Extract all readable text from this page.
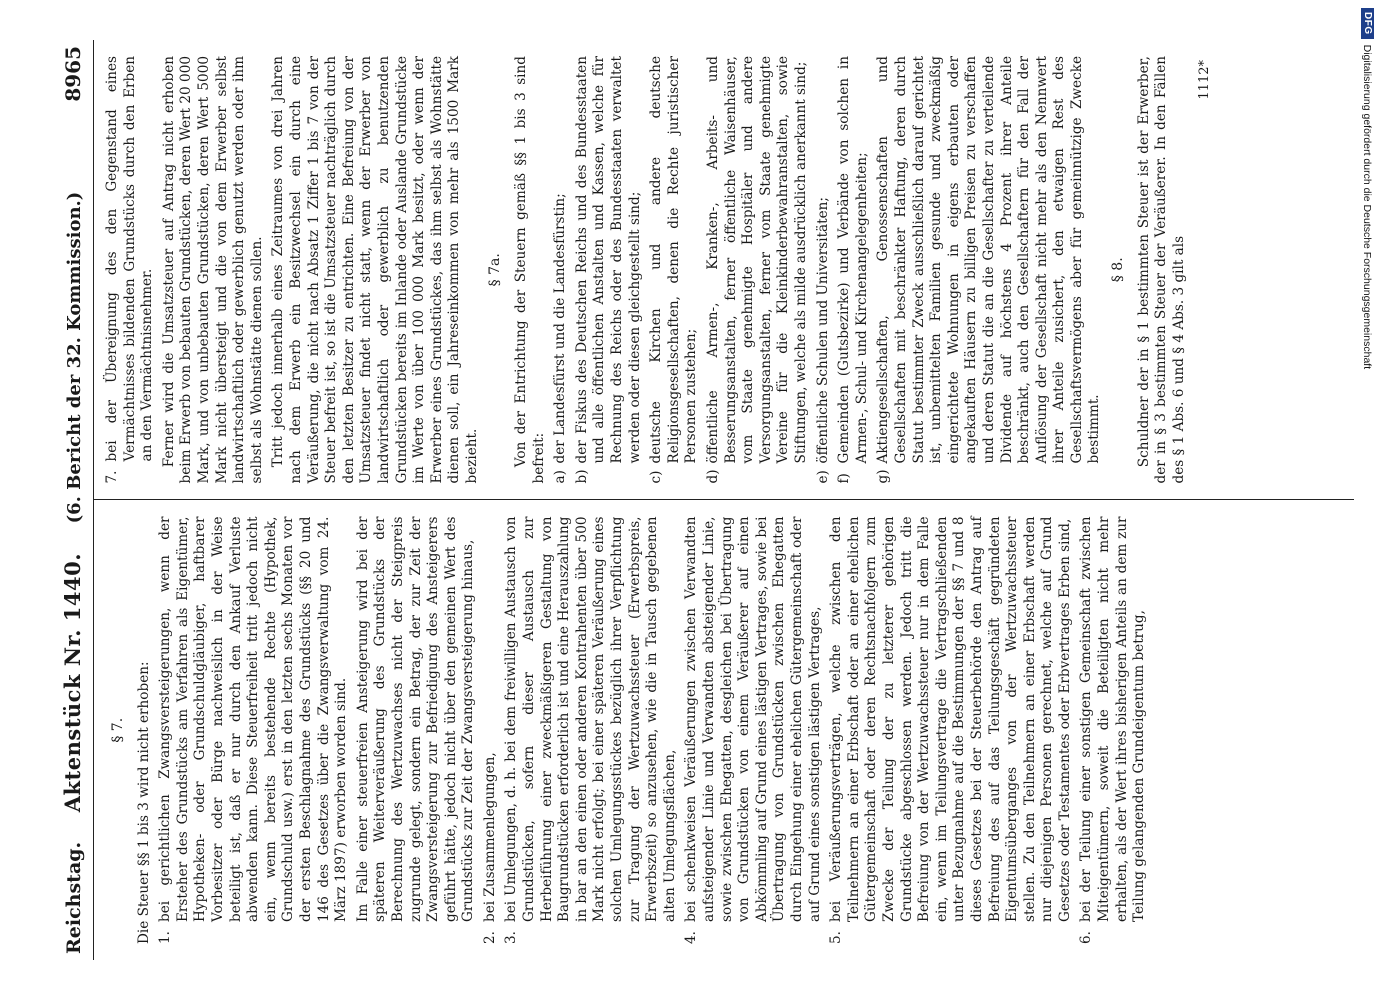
Reichstag.
Aktenstück Nr. 1440.
(6. Bericht der 32. Kommission.)
8965
§ 7. Die Steuer §§ 1 bis 3 wird nicht erhoben: 1.
bei gerichtlichen Zwangsversteigerungen, wenn der Ersteher des Grundstücks am Verfahren als Eigentümer, Hypotheken- oder Grundschuldgläubiger, haftbarer Vorbesitzer oder Bürge nachweislich in der Weise beteiligt ist, daß er nur durch den Ankauf Verluste abwenden kann. Diese Steuerfreiheit tritt jedoch nicht ein, wenn bereits bestehende Rechte (Hypothek, Grundschuld usw.) erst in den letzten sechs Monaten vor der ersten Beschlagnahme des Grundstücks (§§ 20 und 146 des Gesetzes über die Zwangsverwaltung vom 24. März 1897) erworben worden sind. Im Falle einer steuerfreien Ansteigerung wird bei der späteren Weiterveräußerung des Grundstücks der Berechnung des Wertzuwachses nicht der Steigpreis zugrunde gelegt, sondern ein Betrag, der zur Zeit der Zwangsversteigerung zur Befriedigung des Ansteigerers geführt hätte, jedoch nicht über den gemeinen Wert des Grundstücks zur Zeit der Zwangsversteigerung hinaus,
2.
bei Zusammenlegungen,
3.
bei Umlegungen, d. h. bei dem freiwilligen Austausch von Grundstücken, sofern dieser Austausch zur Herbeiführung einer zweckmäßigeren Gestaltung von Baugrundstücken erforderlich ist und eine Herauszahlung in bar an den einen oder anderen Kontrahenten über 500 Mark nicht erfolgt; bei einer späteren Veräußerung eines solchen Umlegungsstückes bezüglich ihrer Verpflichtung zur Tragung der Wertzuwachssteuer (Erwerbspreis, Erwerbszeit) so anzusehen, wie die in Tausch gegebenen alten Umlegungsflächen,
4.
bei schenkweisen Veräußerungen zwischen Verwandten aufsteigender Linie und Verwandten absteigender Linie, sowie zwischen Ehegatten, desgleichen bei Übertragung von Grundstücken von einem Veräußerer auf einen Abkömmling auf Grund eines lästigen Vertrages, sowie bei Übertragung von Grundstücken zwischen Ehegatten durch Eingehung einer ehelichen Gütergemeinschaft oder auf Grund eines sonstigen lästigen Vertrages,
5.
bei Veräußerungsverträgen, welche zwischen den Teilnehmern an einer Erbschaft oder an einer ehelichen Gütergemeinschaft oder deren Rechtsnachfolgern zum Zwecke der Teilung der zu letzterer gehörigen Grundstücke abgeschlossen werden. Jedoch tritt die Befreiung von der Wertzuwachssteuer nur in dem Falle ein, wenn im Teilungsvertrage die Vertragschließenden unter Bezugnahme auf die Bestimmungen der §§ 7 und 8 dieses Gesetzes bei der Steuerbehörde den Antrag auf Befreiung des auf das Teilungsgeschäft gegründeten Eigentumsüberganges von der Wertzuwachssteuer stellen. Zu den Teilnehmern an einer Erbschaft werden nur diejenigen Personen gerechnet, welche auf Grund Gesetzes oder Testamentes oder Erbvertrages Erben sind,
6.
bei der Teilung einer sonstigen Gemeinschaft zwischen Miteigentümern, soweit die Beteiligten nicht mehr erhalten, als der Wert ihres bisherigen Anteils an dem zur Teilung gelangenden Grundeigentum betrug,
7.
bei der Übereignung des den Gegenstand eines Vermächtnisses bildenden Grundstücks durch den Erben an den Vermächtnisnehmer. Ferner wird die Umsatzsteuer auf Antrag nicht erhoben beim Erwerb von bebauten Grundstücken, deren Wert 20 000 Mark, und von unbebauten Grundstücken, deren Wert 5000 Mark nicht übersteigt und die von dem Erwerber selbst landwirtschaftlich oder gewerblich genutzt werden oder ihm selbst als Wohnstätte dienen sollen. Tritt jedoch innerhalb eines Zeitraumes von drei Jahren nach dem Erwerb ein Besitzwechsel ein durch eine Veräußerung, die nicht nach Absatz 1 Ziffer 1 bis 7 von der Steuer befreit ist, so ist die Umsatzsteuer nachträglich durch den letzten Besitzer zu entrichten. Eine Befreiung von der Umsatzsteuer findet nicht statt, wenn der Erwerber von landwirtschaftlich oder gewerblich zu benutzenden Grundstücken bereits im Inlande oder Auslande Grundstücke im Werte von über 100 000 Mark besitzt, oder wenn der Erwerber eines Grundstückes, das ihm selbst als Wohnstätte dienen soll, ein Jahreseinkommen von mehr als 1500 Mark bezieht.

§ 7a. Von der Entrichtung der Steuern gemäß §§ 1 bis 3 sind befreit: a)
der Landesfürst und die Landesfürstin;
b)
der Fiskus des Deutschen Reichs und des Bundesstaaten und alle öffentlichen Anstalten und Kassen, welche für Rechnung des Reichs oder des Bundesstaaten verwaltet werden oder diesen gleichgestellt sind;
c)
deutsche Kirchen und andere deutsche Religionsgesellschaften, denen die Rechte juristischer Personen zustehen;
d)
öffentliche Armen-, Kranken-, Arbeits- und Besserungsanstalten, ferner öffentliche Waisenhäuser, vom Staate genehmigte Hospitäler und andere Versorgungsanstalten, ferner vom Staate genehmigte Vereine für die Kleinkinderbewahranstalten, sowie Stiftungen, welche als milde ausdrücklich anerkannt sind;
e)
öffentliche Schulen und Universitäten;
f)
Gemeinden (Gutsbezirke) und Verbände von solchen in Armen-, Schul- und Kirchenangelegenheiten;
g)
Aktiengesellschaften, Genossenschaften und Gesellschaften mit beschränkter Haftung, deren durch Statut bestimmter Zweck ausschließlich darauf gerichtet ist, unbemittelten Familien gesunde und zweckmäßig eingerichtete Wohnungen in eigens erbauten oder angekauften Häusern zu billigen Preisen zu verschaffen und deren Statut die an die Gesellschafter zu verteilende Dividende auf höchstens 4 Prozent ihrer Anteile beschränkt, auch den Gesellschaftern für den Fall der Auflösung der Gesellschaft nicht mehr als den Nennwert ihrer Anteile zusichert, den etwaigen Rest des Gesellschaftsvermögens aber für gemeinnützige Zwecke bestimmt.
§ 8. Schuldner der in § 1 bestimmten Steuer ist der Erwerber, der in § 3 bestimmten Steuer der Veräußerer. In den Fällen des § 1 Abs. 6 und § 4 Abs. 3 gilt als

1112*
DFG
Digitalisierung gefördert durch die Deutsche Forschungsgemeinschaft
